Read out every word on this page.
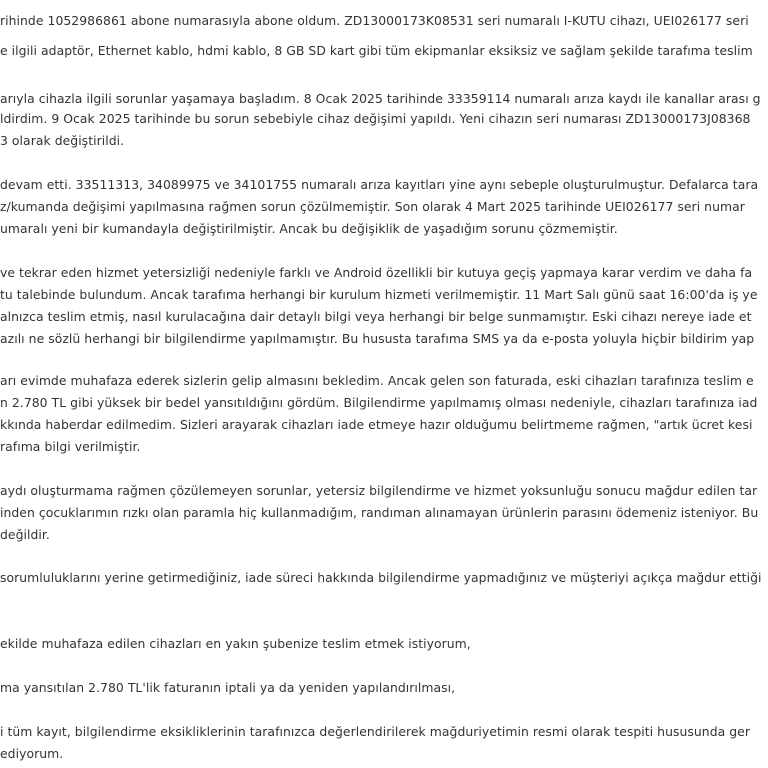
rihinde 1052986861 abone numarasıyla abone oldum. ZD13000173K08531 seri numaralı I-KUTU cihazı, UEI026177 seri
e ilgili adaptör, Ethernet kablo, hdmi kablo, 8 GB SD kart gibi tüm ekipmanlar eksiksiz ve sağlam şekilde tarafıma teslim
arıyla cihazla ilgili sorunlar yaşamaya başladım. 8 Ocak 2025 tarihinde 33359114 numaralı arıza kaydı ile kanallar arası g
ldirdim. 9 Ocak 2025 tarihinde bu sorun sebebiyle cihaz değişimi yapıldı. Yeni cihazın seri numarası ZD13000173J08368
3 olarak değiştirildi.
devam etti. 33511313, 34089975 ve 34101755 numaralı arıza kayıtları yine aynı sebeple oluşturulmuştur. Defalarca tara
z/kumanda değişimi yapılmasına rağmen sorun çözülmemiştir. Son olarak 4 Mart 2025 tarihinde UEI026177 seri numar
umaralı yeni bir kumandayla değiştirilmiştir. Ancak bu değişiklik de yaşadığım sorunu çözmemiştir.
ve tekrar eden hizmet yetersizliği nedeniyle farklı ve Android özellikli bir kutuya geçiş yapmaya karar verdim ve daha fa
tu talebinde bulundum. Ancak tarafıma herhangi bir kurulum hizmeti verilmemiştir. 11 Mart Salı günü saat 16:00'da iş ye
alnızca teslim etmiş, nasıl kurulacağına dair detaylı bilgi veya herhangi bir belge sunmamıştır. Eski cihazı nereye iade et
azılı ne sözlü herhangi bir bilgilendirme yapılmamıştır. Bu hususta tarafıma SMS ya da e-posta yoluyla hiçbir bildirim yap
arı evimde muhafaza ederek sizlerin gelip almasını bekledim. Ancak gelen son faturada, eski cihazları tarafınıza teslim e
n 2.780 TL gibi yüksek bir bedel yansıtıldığını gördüm. Bilgilendirme yapılmamış olması nedeniyle, cihazları tarafınıza iad
kkında haberdar edilmedim. Sizleri arayarak cihazları iade etmeye hazır olduğumu belirtmeme rağmen, "artık ücret kesi
rafıma bilgi verilmiştir.
aydı oluşturmama rağmen çözülemeyen sorunlar, yetersiz bilgilendirme ve hizmet yoksunluğu sonucu mağdur edilen tar
inden çocuklarımın rızkı olan paramla hiç kullanmadığım, randıman alınamayan ürünlerin parasını ödemeniz isteniyor. Bu
değildir.
sorumluluklarını yerine getirmediğiniz, iade süreci hakkında bilgilendirme yapmadığınız ve müşteriyi açıkça mağdur ettiği
ekilde muhafaza edilen cihazları en yakın şubenize teslim etmek istiyorum,
ma yansıtılan 2.780 TL'lik faturanın iptali ya da yeniden yapılandırılması,
i tüm kayıt, bilgilendirme eksikliklerinin tarafınızca değerlendirilerek mağduriyetimin resmi olarak tespiti hususunda ger
ediyorum.
